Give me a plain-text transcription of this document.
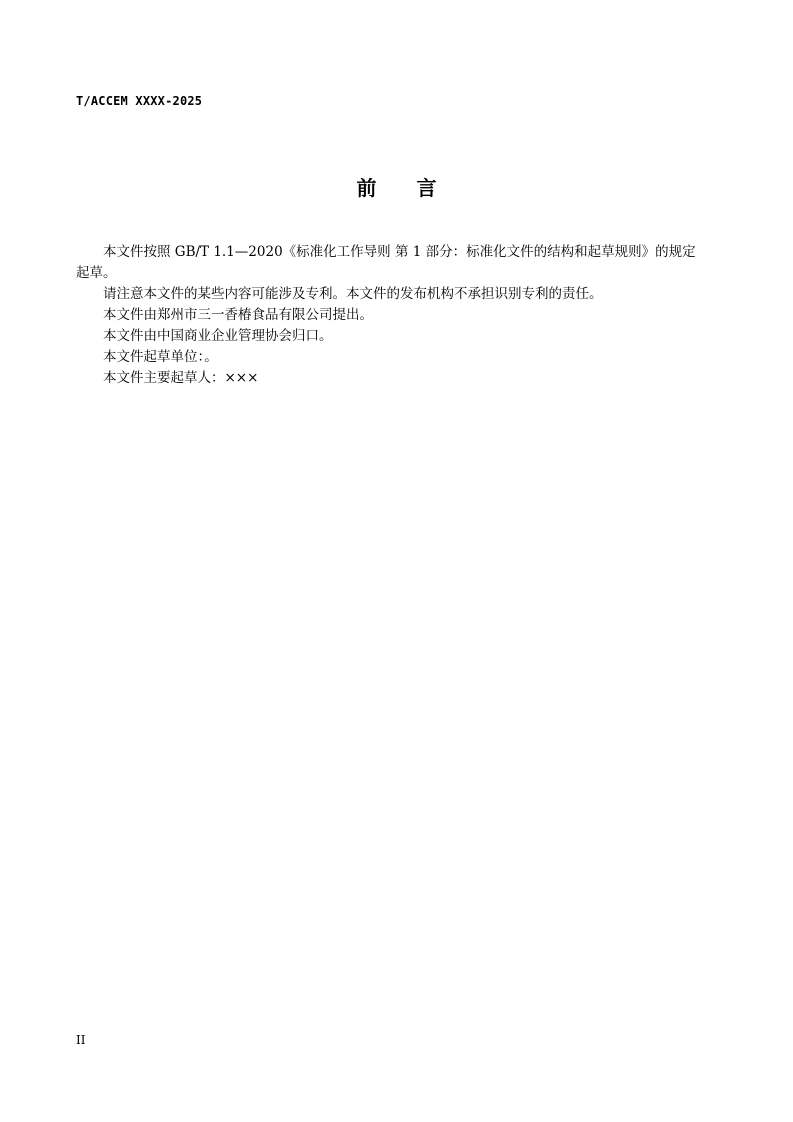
T/ACCEM XXXX-2025
前 言

本文件按照 GB/T 1.1—2020《标准化工作导则 第 1 部分：标准化文件的结构和起草规则》的规定起草。

请注意本文件的某些内容可能涉及专利。本文件的发布机构不承担识别专利的责任。

本文件由郑州市三一香椿食品有限公司提出。

本文件由中国商业企业管理协会归口。

本文件起草单位：。

本文件主要起草人：×××

II
